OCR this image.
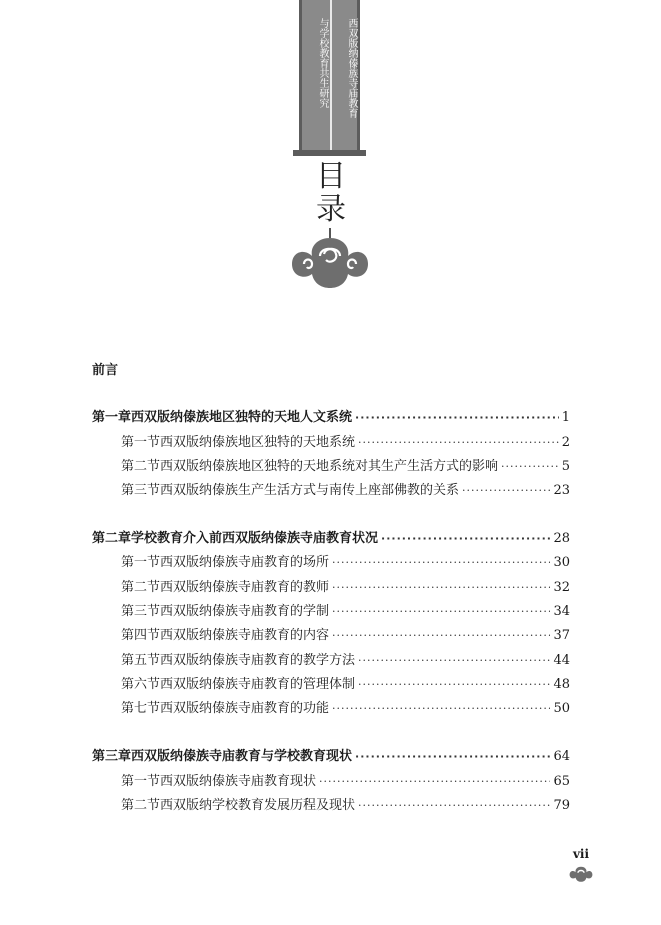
西双版纳傣族寺庙教育
与学校教育共生研究
目录
前言
第一章 西双版纳傣族地区独特的天地人文系统 ·····	1
第一节 西双版纳傣族地区独特的天地系统 ·····	2
第二节 西双版纳傣族地区独特的天地系统对其生产生活方式的影响 ·····	5
第三节 西双版纳傣族生产生活方式与南传上座部佛教的关系 ·····	23
第二章 学校教育介入前西双版纳傣族寺庙教育状况 ·····	28
第一节 西双版纳傣族寺庙教育的场所 ·····	30
第二节 西双版纳傣族寺庙教育的教师 ·····	32
第三节 西双版纳傣族寺庙教育的学制 ·····	34
第四节 西双版纳傣族寺庙教育的内容 ·····	37
第五节 西双版纳傣族寺庙教育的教学方法 ·····	44
第六节 西双版纳傣族寺庙教育的管理体制 ·····	48
第七节 西双版纳傣族寺庙教育的功能 ·····	50
第三章 西双版纳傣族寺庙教育与学校教育现状 ·····	64
第一节 西双版纳傣族寺庙教育现状 ·····	65
第二节 西双版纳学校教育发展历程及现状 ·····	79
vii
